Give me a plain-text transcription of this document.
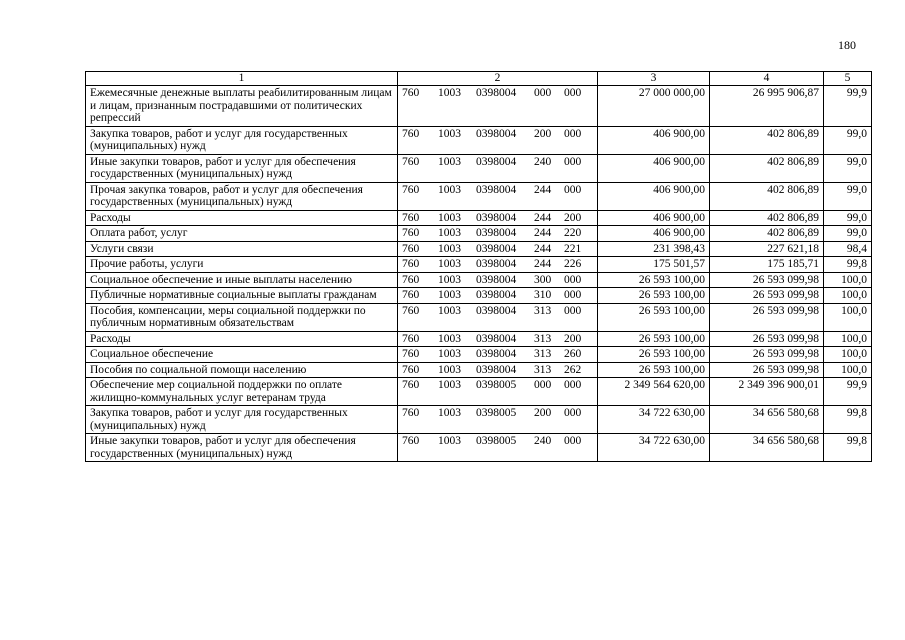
180
1	2	3	4	5
Ежемесячные денежные выплаты реабилитированным лицам и лицам, признанным пострадавшими от политических репрессий	760 1003 0398004 000 000	27 000 000,00	26 995 906,87	99,9
Закупка товаров, работ и услуг для государственных (муниципальных) нужд	760 1003 0398004 200 000	406 900,00	402 806,89	99,0
Иные закупки товаров, работ и услуг для обеспечения государственных (муниципальных) нужд	760 1003 0398004 240 000	406 900,00	402 806,89	99,0
Прочая закупка товаров, работ и услуг для обеспечения государственных (муниципальных) нужд	760 1003 0398004 244 000	406 900,00	402 806,89	99,0
Расходы	760 1003 0398004 244 200	406 900,00	402 806,89	99,0
Оплата работ, услуг	760 1003 0398004 244 220	406 900,00	402 806,89	99,0
Услуги связи	760 1003 0398004 244 221	231 398,43	227 621,18	98,4
Прочие работы, услуги	760 1003 0398004 244 226	175 501,57	175 185,71	99,8
Социальное обеспечение и иные выплаты населению	760 1003 0398004 300 000	26 593 100,00	26 593 099,98	100,0
Публичные нормативные социальные выплаты гражданам	760 1003 0398004 310 000	26 593 100,00	26 593 099,98	100,0
Пособия, компенсации, меры социальной поддержки по публичным нормативным обязательствам	760 1003 0398004 313 000	26 593 100,00	26 593 099,98	100,0
Расходы	760 1003 0398004 313 200	26 593 100,00	26 593 099,98	100,0
Социальное обеспечение	760 1003 0398004 313 260	26 593 100,00	26 593 099,98	100,0
Пособия по социальной помощи населению	760 1003 0398004 313 262	26 593 100,00	26 593 099,98	100,0
Обеспечение мер социальной поддержки по оплате жилищно-коммунальных услуг ветеранам труда	760 1003 0398005 000 000	2 349 564 620,00	2 349 396 900,01	99,9
Закупка товаров, работ и услуг для государственных (муниципальных) нужд	760 1003 0398005 200 000	34 722 630,00	34 656 580,68	99,8
Иные закупки товаров, работ и услуг для обеспечения государственных (муниципальных) нужд	760 1003 0398005 240 000	34 722 630,00	34 656 580,68	99,8
